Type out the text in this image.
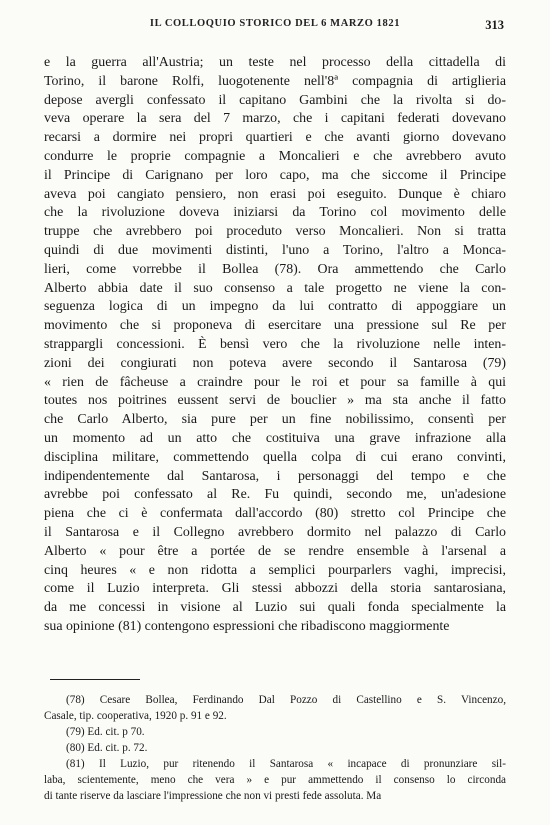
IL COLLOQUIO STORICO DEL 6 MARZO 1821	313
e la guerra all'Austria; un teste nel processo della cittadella di
Torino, il barone Rolfi, luogotenente nell'8ª compagnia di artiglieria
depose avergli confessato il capitano Gambini che la rivolta si do-
veva operare la sera del 7 marzo, che i capitani federati dovevano
recarsi a dormire nei propri quartieri e che avanti giorno dovevano
condurre le proprie compagnie a Moncalieri e che avrebbero avuto
il Principe di Carignano per loro capo, ma che siccome il Principe
aveva poi cangiato pensiero, non erasi poi eseguito. Dunque è chiaro
che la rivoluzione doveva iniziarsi da Torino col movimento delle
truppe che avrebbero poi proceduto verso Moncalieri. Non si tratta
quindi di due movimenti distinti, l'uno a Torino, l'altro a Monca-
lieri, come vorrebbe il Bollea (78). Ora ammettendo che Carlo
Alberto abbia date il suo consenso a tale progetto ne viene la con-
seguenza logica di un impegno da lui contratto di appoggiare un
movimento che si proponeva di esercitare una pressione sul Re per
strappargli concessioni. È bensì vero che la rivoluzione nelle inten-
zioni dei congiurati non poteva avere secondo il Santarosa (79)
« rien de fâcheuse a craindre pour le roi et pour sa famille à qui
toutes nos poitrines eussent servi de bouclier » ma sta anche il fatto
che Carlo Alberto, sia pure per un fine nobilissimo, consentì per
un momento ad un atto che costituiva una grave infrazione alla
disciplina militare, commettendo quella colpa di cui erano convinti,
indipendentemente dal Santarosa, i personaggi del tempo e che
avrebbe poi confessato al Re. Fu quindi, secondo me, un'adesione
piena che ci è confermata dall'accordo (80) stretto col Principe che
il Santarosa e il Collegno avrebbero dormito nel palazzo di Carlo
Alberto « pour être a portée de se rendre ensemble à l'arsenal a
cinq heures « e non ridotta a semplici pourparlers vaghi, imprecisi,
come il Luzio interpreta. Gli stessi abbozzi della storia santarosiana,
da me concessi in visione al Luzio sui quali fonda specialmente la
sua opinione (81) contengono espressioni che ribadiscono maggiormente
(78) Cesare Bollea, Ferdinando Dal Pozzo di Castellino e S. Vincenzo,
Casale, tip. cooperativa, 1920 p. 91 e 92.
(79) Ed. cit. p 70.
(80) Ed. cit. p. 72.
(81) Il Luzio, pur ritenendo il Santarosa « incapace di pronunziare sil-
laba, scientemente, meno che vera » e pur ammettendo il consenso lo circonda
di tante riserve da lasciare l'impressione che non vi presti fede assoluta. Ma
